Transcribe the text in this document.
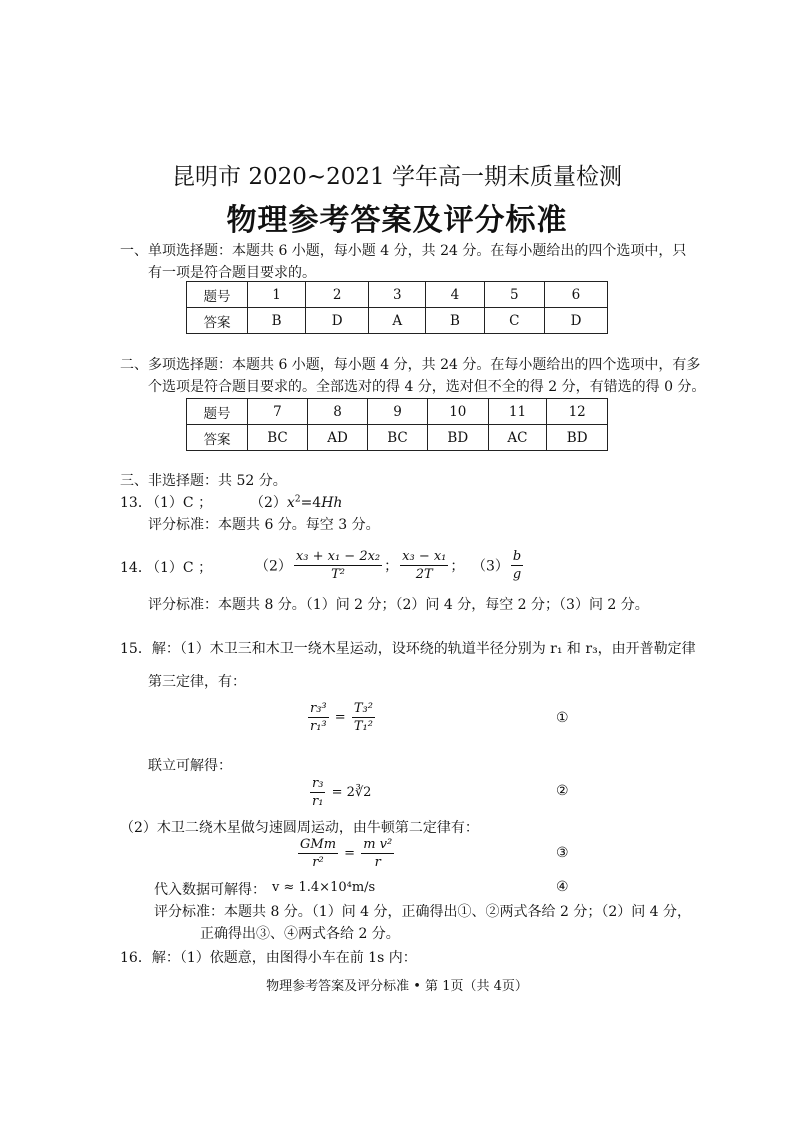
昆明市 2020~2021 学年高一期末质量检测
物理参考答案及评分标准
一、单项选择题：本题共 6 小题，每小题 4 分，共 24 分。在每小题给出的四个选项中，只
有一项是符合题目要求的。
题号	1	2	3	4	5	6
答案	B	D	A	B	C	D
二、多项选择题：本题共 6 小题，每小题 4 分，共 24 分。在每小题给出的四个选项中，有多
个选项是符合题目要求的。全部选对的得 4 分，选对但不全的得 2 分，有错选的得 0 分。
题号	7	8	9	10	11	12
答案	BC	AD	BC	BD	AC	BD
三、非选择题：共 52 分。
13．
（1）C ；	$(2)x^2=4Hh$
评分标准：本题共 6 分。每空 3 分。
14．
（1）C ；	$(2) \frac{\text{x₃ + x₁ − 2x₂}}{\text{T²}}$ ； $\frac{\text{x₃ − x₁}}{2T}$ ； $(3) \frac{b}{g}$
评分标准：本题共 8 分。（1）问 2 分；（2）问 4 分，每空 2 分；（3）问 2 分。
15．解：（1）木卫三和木卫一绕木星运动，设环绕的轨道半径分别为 r₁ 和 r₃，由开普勒定律
第三定律，有：
$\frac{\text{r₃³}}{\text{r₁³}} = \frac{\text{T₃²}}{\text{T₁²}}$	①
联立可解得：
$\frac{\text{r₃}}{\text{r₁}}$ = 2∛2	②
（2）木卫二绕木星做匀速圆周运动，由牛顿第二定律有：
$\frac{\text{GMm}}{\text{r²}} = \frac{\text{m v²}}{r}$	③
代入数据可解得： v ≈ 1.4×10⁴m/s	④
评分标准：本题共 8 分。（1）问 4 分，正确得出①、②两式各给 2 分；（2）问 4 分，
正确得出③、④两式各给 2 分。
16．解：（1）依题意，由图得小车在前 1s 内：
物理参考答案及评分标准 • 第 1页（共 4页）
